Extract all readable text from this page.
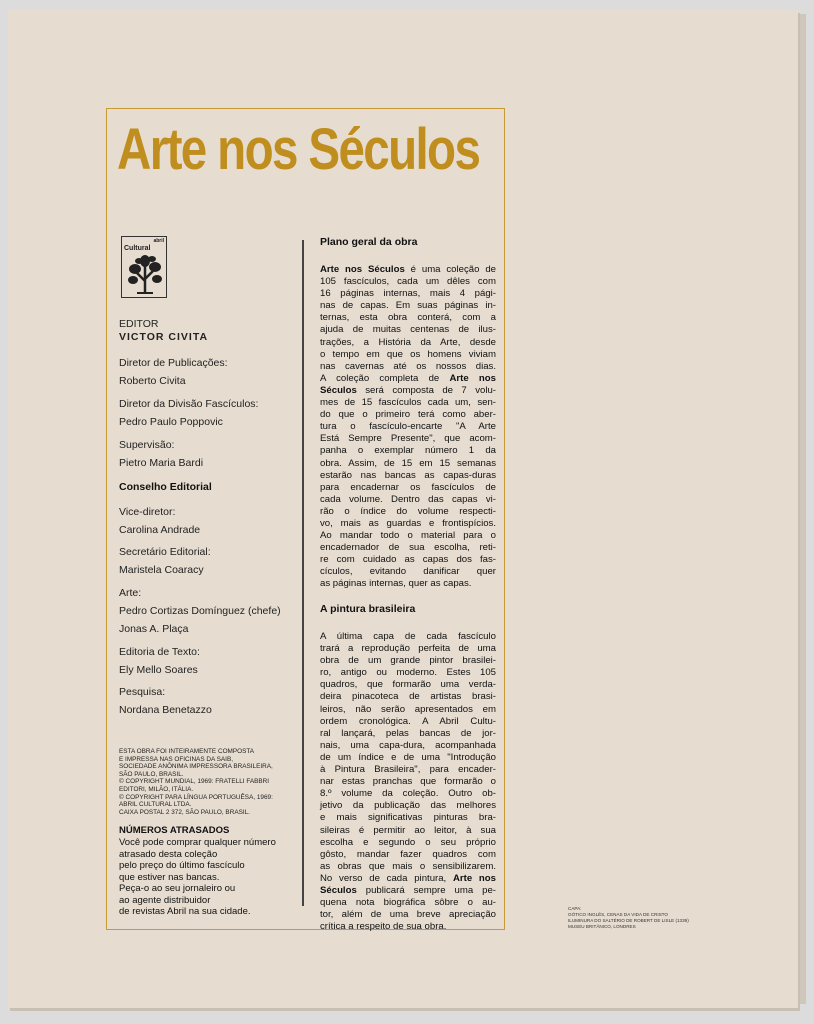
Arte nos Séculos
abril
Cultural
EDITOR
VICTOR CIVITA
Diretor de Publicações:
Roberto Civita
Diretor da Divisão Fascículos:
Pedro Paulo Poppovic
Supervisão:
Pietro Maria Bardi
Conselho Editorial
Vice-diretor:
Carolina Andrade
Secretário Editorial:
Maristela Coaracy
Arte:
Pedro Cortizas Domínguez (chefe)
Jonas A. Plaça
Editoria de Texto:
Ely Mello Soares
Pesquisa:
Nordana Benetazzo
ESTA OBRA FOI INTEIRAMENTE COMPOSTA
E IMPRESSA NAS OFICINAS DA SAIB,
SOCIEDADE ANÔNIMA IMPRESSORA BRASILEIRA,
SÃO PAULO, BRASIL.
© COPYRIGHT MUNDIAL, 1969: FRATELLI FABBRI
EDITORI, MILÃO, ITÁLIA.
© COPYRIGHT PARA LÍNGUA PORTUGUÊSA, 1969:
ABRIL CULTURAL LTDA.
CAIXA POSTAL 2 372, SÃO PAULO, BRASIL.
NÚMEROS ATRASADOS
Você pode comprar qualquer número
atrasado desta coleção
pelo preço do último fascículo
que estiver nas bancas.
Peça-o ao seu jornaleiro ou
ao agente distribuidor
de revistas Abril na sua cidade.
Plano geral da obra
Arte nos Séculos é uma coleção de
105 fascículos, cada um dêles com
16 páginas internas, mais 4 pági-
nas de capas. Em suas páginas in-
ternas, esta obra conterá, com a
ajuda de muitas centenas de ilus-
trações, a História da Arte, desde
o tempo em que os homens viviam
nas cavernas até os nossos dias.
A coleção completa de Arte nos
Séculos será composta de 7 volu-
mes de 15 fascículos cada um, sen-
do que o primeiro terá como aber-
tura o fascículo-encarte "A Arte
Está Sempre Presente", que acom-
panha o exemplar número 1 da
obra. Assim, de 15 em 15 semanas
estarão nas bancas as capas-duras
para encadernar os fascículos de
cada volume. Dentro das capas vi-
rão o índice do volume respecti-
vo, mais as guardas e frontispícios.
Ao mandar todo o material para o
encadernador de sua escolha, reti-
re com cuidado as capas dos fas-
cículos, evitando danificar quer
as páginas internas, quer as capas.
A pintura brasileira
A última capa de cada fascículo
trará a reprodução perfeita de uma
obra de um grande pintor brasilei-
ro, antigo ou moderno. Estes 105
quadros, que formarão uma verda-
deira pinacoteca de artistas brasi-
leiros, não serão apresentados em
ordem cronológica. A Abril Cultu-
ral lançará, pelas bancas de jor-
nais, uma capa-dura, acompanhada
de um índice e de uma "Introdução
à Pintura Brasileira", para encader-
nar estas pranchas que formarão o
8.º volume da coleção. Outro ob-
jetivo da publicação das melhores
e mais significativas pinturas bra-
sileiras é permitir ao leitor, à sua
escolha e segundo o seu próprio
gôsto, mandar fazer quadros com
as obras que mais o sensibilizarem.
No verso de cada pintura, Arte nos
Séculos publicará sempre uma pe-
quena nota biográfica sôbre o au-
tor, além de uma breve apreciação
crítica a respeito de sua obra.
CAPA:
GÓTICO INGLÊS, CENAS DA VIDA DE CRISTO
ILUMINURA DO SALTÉRIO DE ROBERT DE LISLE (1339)
MUSEU BRITÂNICO, LONDRES
